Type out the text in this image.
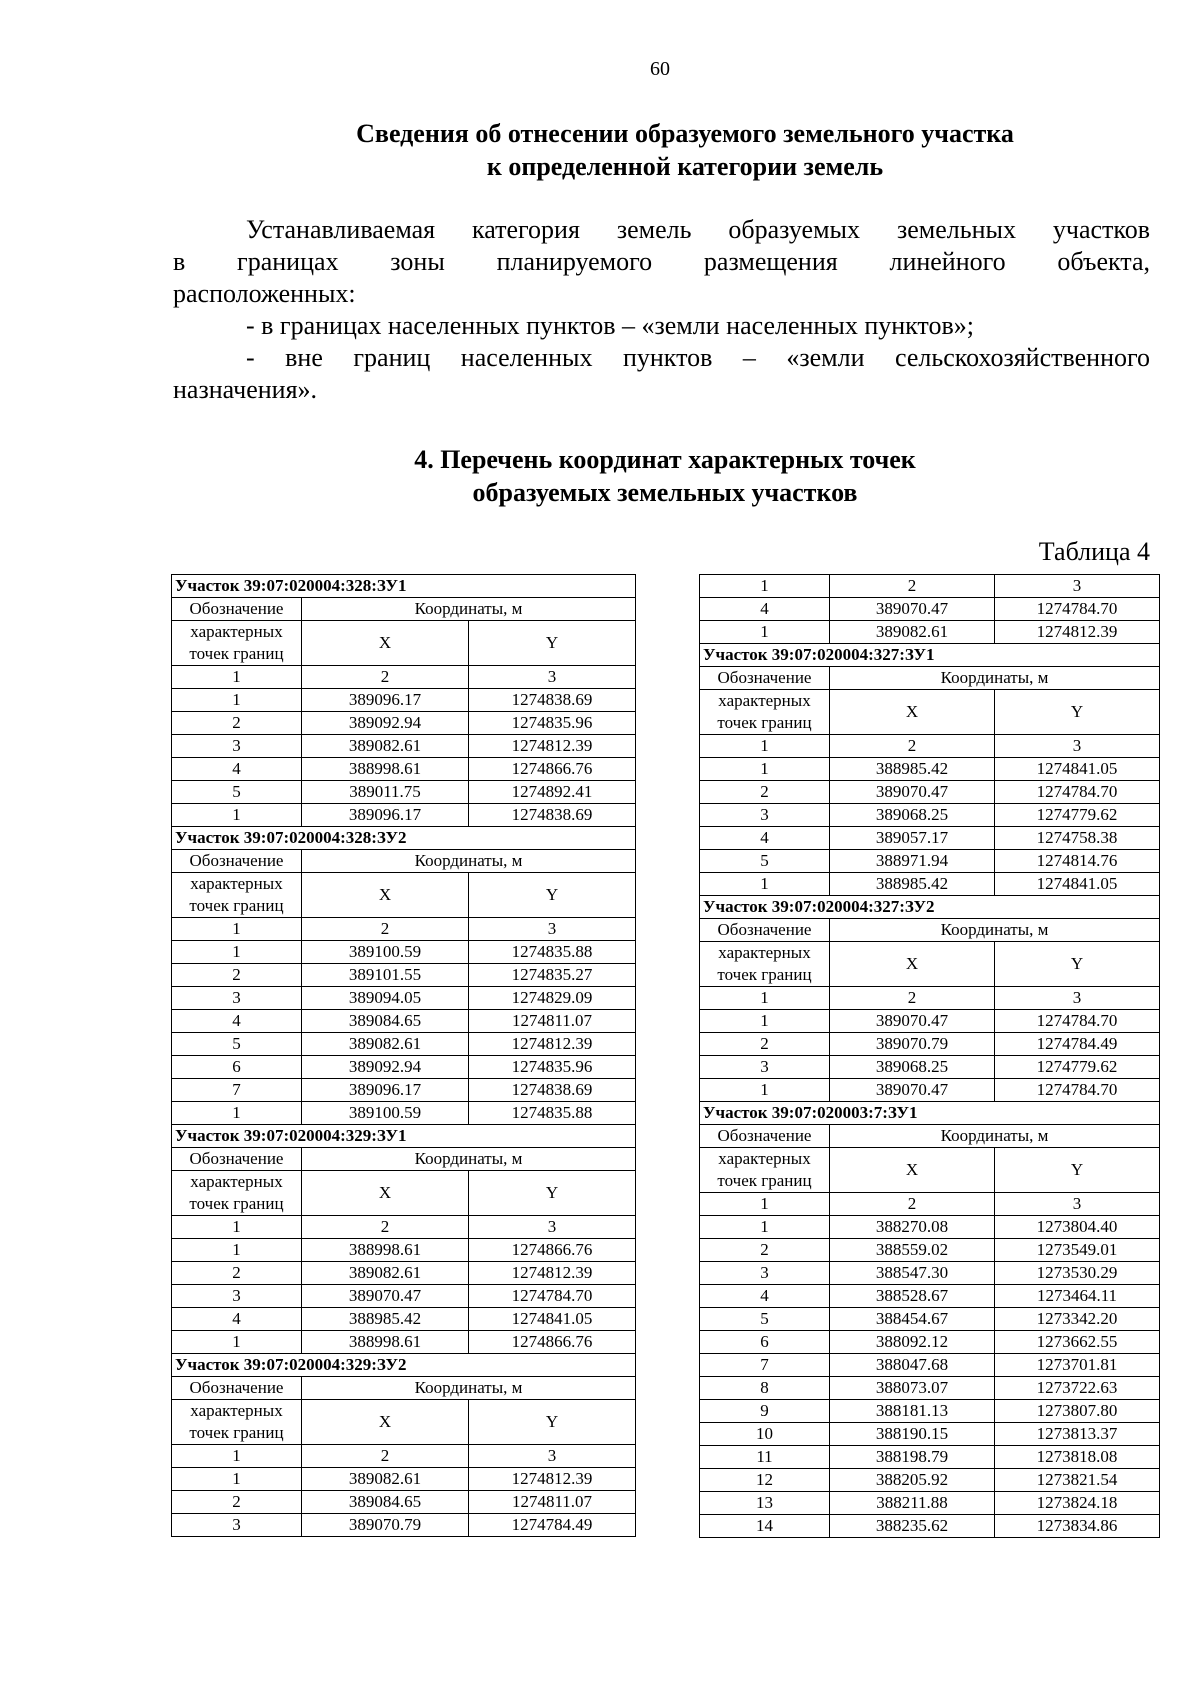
60
Сведения об отнесении образуемого земельного участка
к определенной категории земель

Устанавливаемая категория земель образуемых земельных участков

в границах зоны планируемого размещения линейного объекта,

расположенных:

- в границах населенных пунктов – «земли населенных пунктов»;

- вне границ населенных пунктов – «земли сельскохозяйственного

назначения».

4. Перечень координат характерных точек
образуемых земельных участков
Таблица 4
Участок 39:07:020004:328:ЗУ1		
Обозначение	Координаты, м	

характерных
точек границ	X	Y
1	2	3
1	389096.17	1274838.69
2	389092.94	1274835.96
3	389082.61	1274812.39
4	388998.61	1274866.76
5	389011.75	1274892.41
1	389096.17	1274838.69
Участок 39:07:020004:328:ЗУ2		
Обозначение	Координаты, м	

характерных
точек границ	X	Y
1	2	3
1	389100.59	1274835.88
2	389101.55	1274835.27
3	389094.05	1274829.09
4	389084.65	1274811.07
5	389082.61	1274812.39
6	389092.94	1274835.96
7	389096.17	1274838.69
1	389100.59	1274835.88
Участок 39:07:020004:329:ЗУ1		
Обозначение	Координаты, м	

характерных
точек границ	X	Y
1	2	3
1	388998.61	1274866.76
2	389082.61	1274812.39
3	389070.47	1274784.70
4	388985.42	1274841.05
1	388998.61	1274866.76
Участок 39:07:020004:329:ЗУ2		
Обозначение	Координаты, м	

характерных
точек границ	X	Y
1	2	3
1	389082.61	1274812.39
2	389084.65	1274811.07
3	389070.79	1274784.49
1	2	3
4	389070.47	1274784.70
1	389082.61	1274812.39
Участок 39:07:020004:327:ЗУ1		
Обозначение	Координаты, м	

характерных
точек границ	X	Y
1	2	3
1	388985.42	1274841.05
2	389070.47	1274784.70
3	389068.25	1274779.62
4	389057.17	1274758.38
5	388971.94	1274814.76
1	388985.42	1274841.05
Участок 39:07:020004:327:ЗУ2		
Обозначение	Координаты, м	

характерных
точек границ	X	Y
1	2	3
1	389070.47	1274784.70
2	389070.79	1274784.49
3	389068.25	1274779.62
1	389070.47	1274784.70
Участок 39:07:020003:7:ЗУ1		
Обозначение	Координаты, м	

характерных
точек границ	X	Y
1	2	3
1	388270.08	1273804.40
2	388559.02	1273549.01
3	388547.30	1273530.29
4	388528.67	1273464.11
5	388454.67	1273342.20
6	388092.12	1273662.55
7	388047.68	1273701.81
8	388073.07	1273722.63
9	388181.13	1273807.80
10	388190.15	1273813.37
11	388198.79	1273818.08
12	388205.92	1273821.54
13	388211.88	1273824.18
14	388235.62	1273834.86
